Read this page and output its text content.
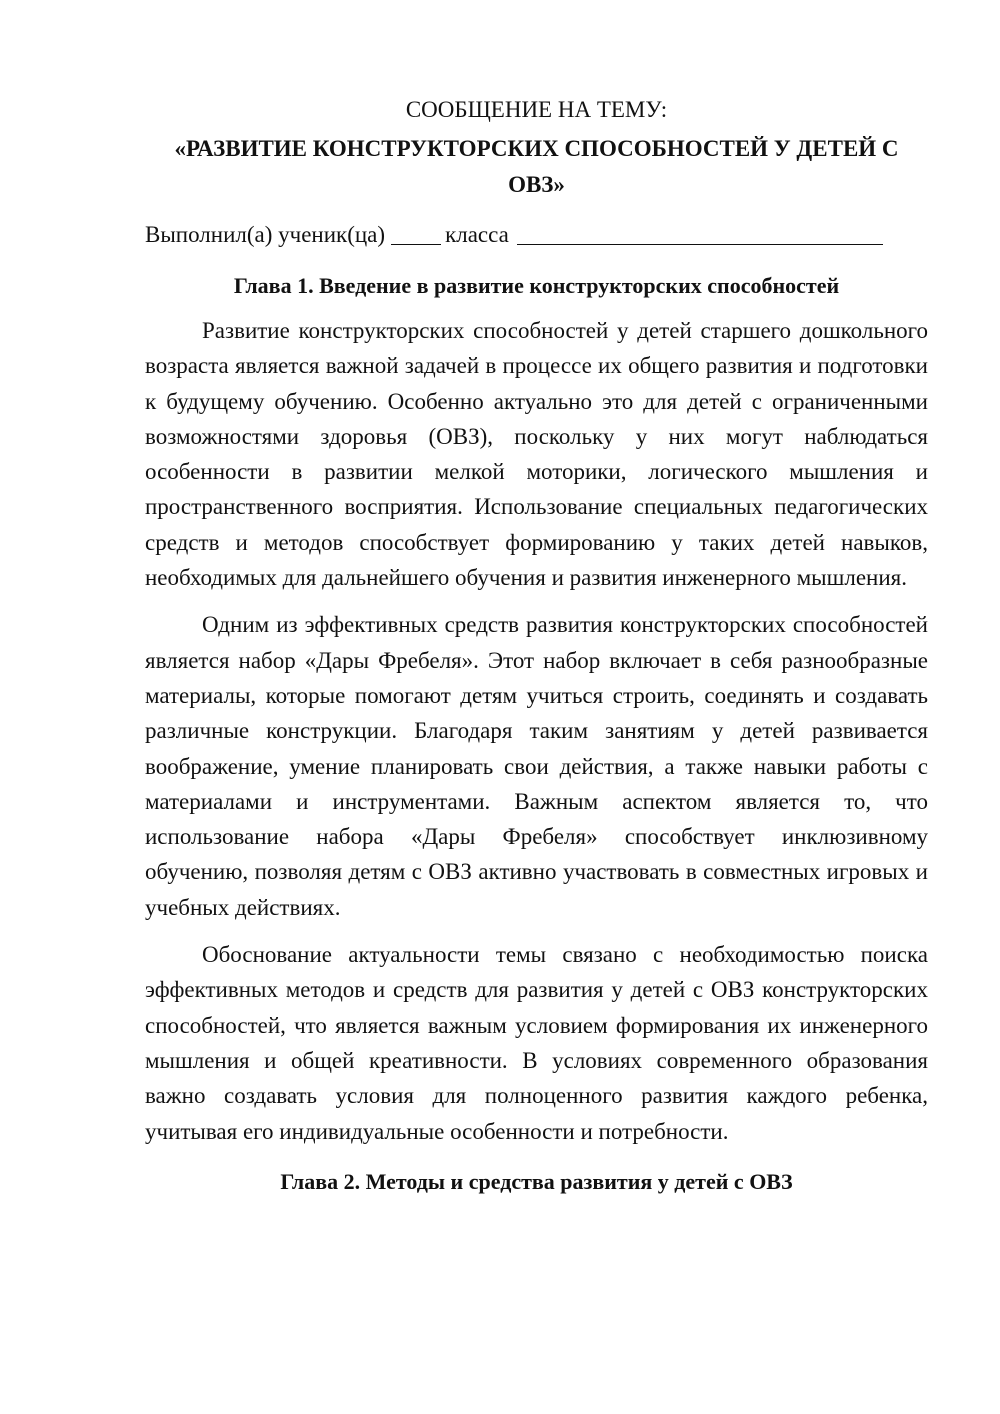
СООБЩЕНИЕ НА ТЕМУ:

«РАЗВИТИЕ КОНСТРУКТОРСКИХ СПОСОБНОСТЕЙ У ДЕТЕЙ С ОВЗ»

Выполнил(а) ученик(ца)	класса

Глава 1. Введение в развитие конструкторских способностей

Развитие конструкторских способностей у детей старшего дошкольного возраста является важной задачей в процессе их общего развития и подготовки к будущему обучению. Особенно актуально это для детей с ограниченными возможностями здоровья (ОВЗ), поскольку у них могут наблюдаться особенности в развитии мелкой моторики, логического мышления и пространственного восприятия. Использование специальных педагогических средств и методов способствует формированию у таких детей навыков, необходимых для дальнейшего обучения и развития инженерного мышления.

Одним из эффективных средств развития конструкторских способностей является набор «Дары Фребеля». Этот набор включает в себя разнообразные материалы, которые помогают детям учиться строить, соединять и создавать различные конструкции. Благодаря таким занятиям у детей развивается воображение, умение планировать свои действия, а также навыки работы с материалами и инструментами. Важным аспектом является то, что использование набора «Дары Фребеля» способствует инклюзивному обучению, позволяя детям с ОВЗ активно участвовать в совместных игровых и учебных действиях.

Обоснование актуальности темы связано с необходимостью поиска эффективных методов и средств для развития у детей с ОВЗ конструкторских способностей, что является важным условием формирования их инженерного мышления и общей креативности. В условиях современного образования важно создавать условия для полноценного развития каждого ребенка, учитывая его индивидуальные особенности и потребности.

Глава 2. Методы и средства развития у детей с ОВЗ
